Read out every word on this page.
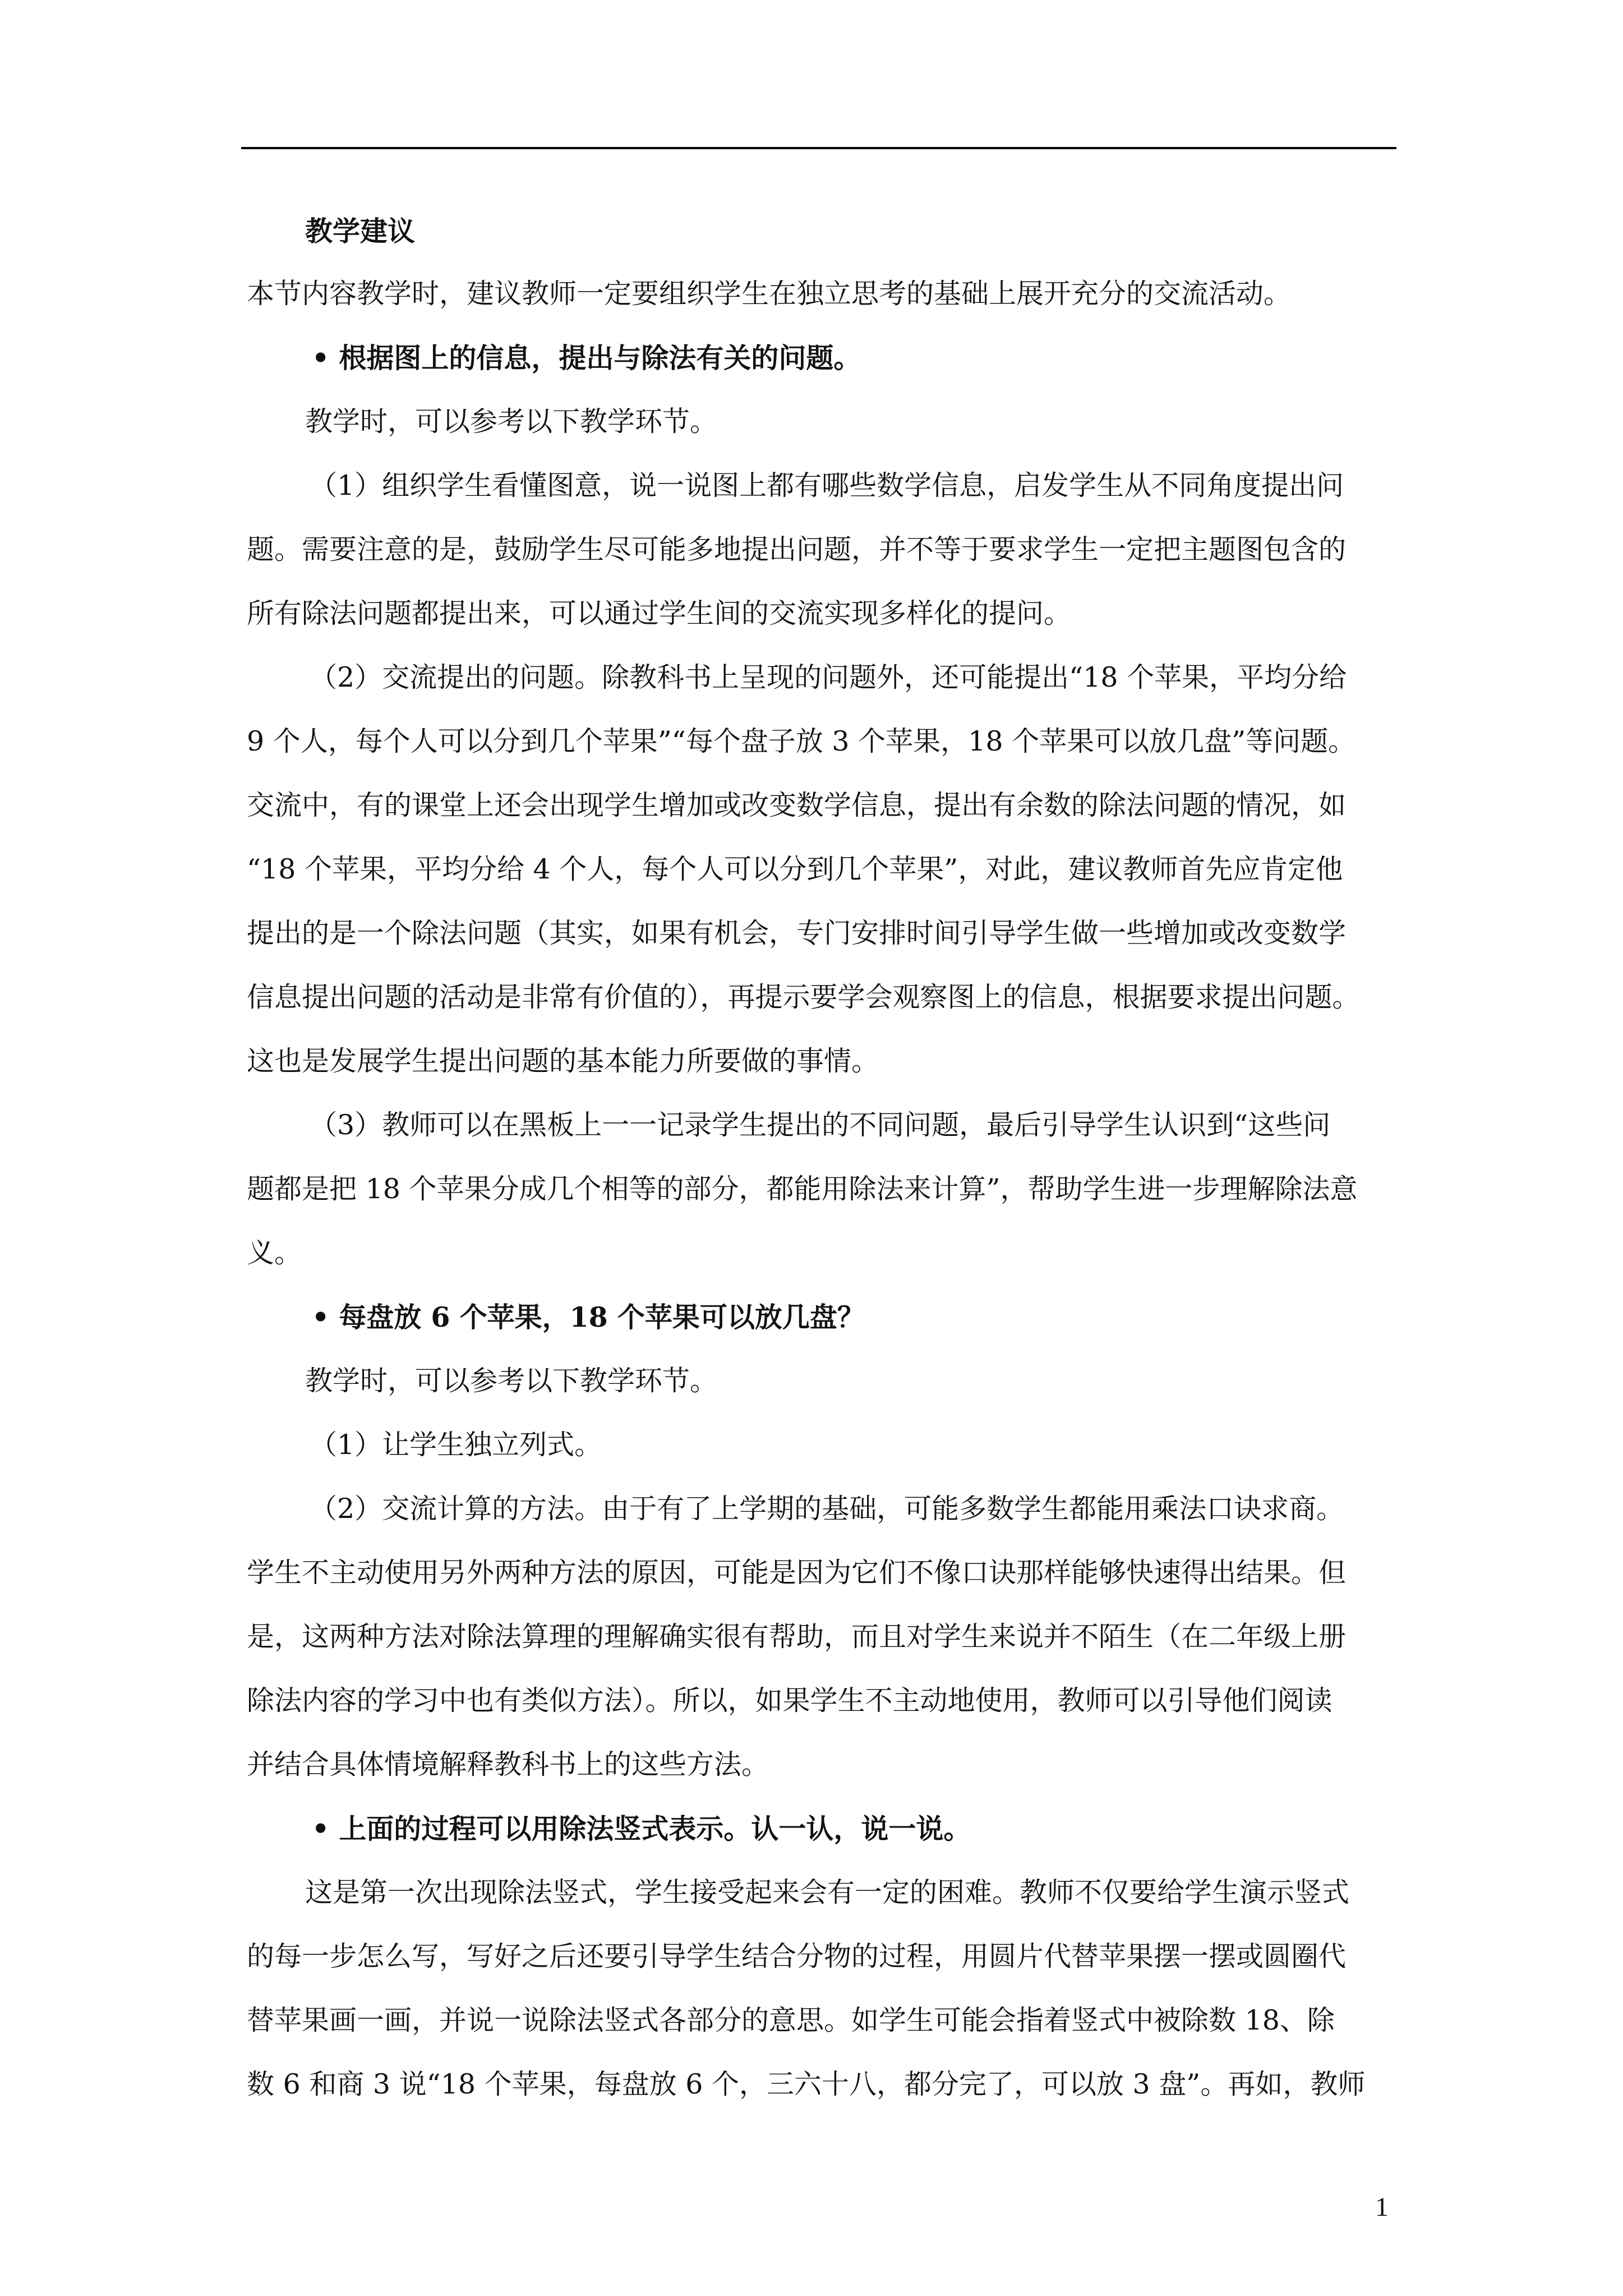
教学建议
本节内容教学时，建议教师一定要组织学生在独立思考的基础上展开充分的交流活动。
• 根据图上的信息，提出与除法有关的问题。
教学时，可以参考以下教学环节。
（1）组织学生看懂图意，说一说图上都有哪些数学信息，启发学生从不同角度提出问
题。需要注意的是，鼓励学生尽可能多地提出问题，并不等于要求学生一定把主题图包含的
所有除法问题都提出来，可以通过学生间的交流实现多样化的提问。
（2）交流提出的问题。除教科书上呈现的问题外，还可能提出“18 个苹果，平均分给
9 个人，每个人可以分到几个苹果”“每个盘子放 3 个苹果，18 个苹果可以放几盘”等问题。
交流中，有的课堂上还会出现学生增加或改变数学信息，提出有余数的除法问题的情况，如
“18 个苹果，平均分给 4 个人，每个人可以分到几个苹果”，对此，建议教师首先应肯定他
提出的是一个除法问题（其实，如果有机会，专门安排时间引导学生做一些增加或改变数学
信息提出问题的活动是非常有价值的），再提示要学会观察图上的信息，根据要求提出问题。
这也是发展学生提出问题的基本能力所要做的事情。
（3）教师可以在黑板上一一记录学生提出的不同问题，最后引导学生认识到“这些问
题都是把 18 个苹果分成几个相等的部分，都能用除法来计算”，帮助学生进一步理解除法意
义。
• 每盘放 6 个苹果，18 个苹果可以放几盘？
教学时，可以参考以下教学环节。
（1）让学生独立列式。
（2）交流计算的方法。由于有了上学期的基础，可能多数学生都能用乘法口诀求商。
学生不主动使用另外两种方法的原因，可能是因为它们不像口诀那样能够快速得出结果。但
是，这两种方法对除法算理的理解确实很有帮助，而且对学生来说并不陌生（在二年级上册
除法内容的学习中也有类似方法）。所以，如果学生不主动地使用，教师可以引导他们阅读
并结合具体情境解释教科书上的这些方法。
• 上面的过程可以用除法竖式表示。认一认，说一说。
这是第一次出现除法竖式，学生接受起来会有一定的困难。教师不仅要给学生演示竖式
的每一步怎么写，写好之后还要引导学生结合分物的过程，用圆片代替苹果摆一摆或圆圈代
替苹果画一画，并说一说除法竖式各部分的意思。如学生可能会指着竖式中被除数 18、除
数 6 和商 3 说“18 个苹果，每盘放 6 个，三六十八，都分完了，可以放 3 盘”。再如，教师
1
